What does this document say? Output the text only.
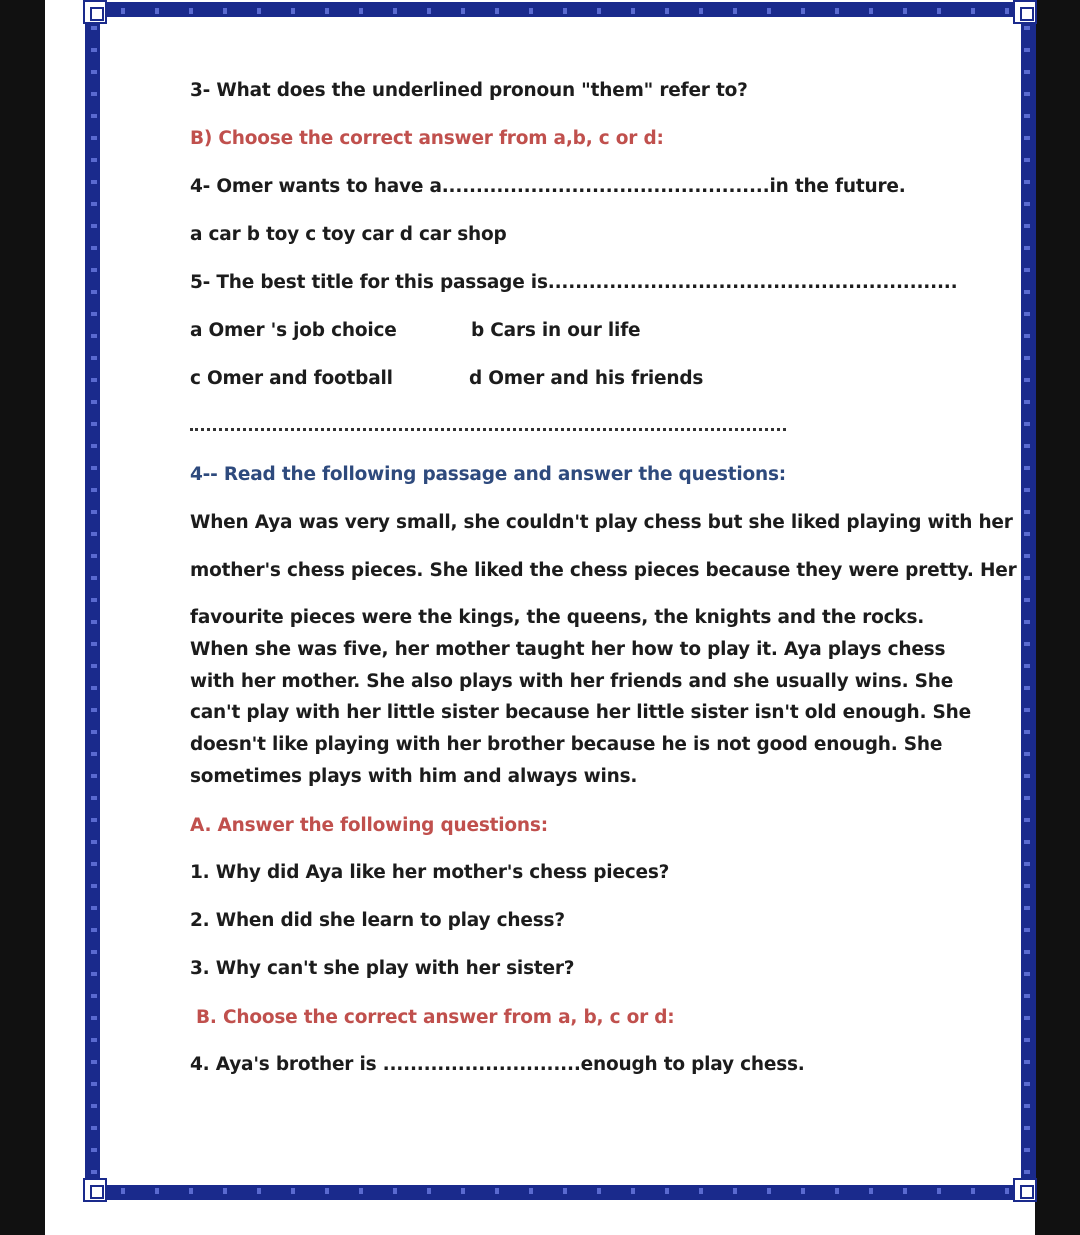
3- What does the underlined pronoun "them" refer to?
B) Choose the correct answer from a,b, c or d:
4- Omer wants to have a................................................in the future.
a car b toy c toy car d car shop
5- The best title for this passage is............................................................
a Omer 's job choice	b Cars in our life
c Omer and football	d Omer and his friends
4-- Read the following passage and answer the questions:
When Aya was very small, she couldn't play chess but she liked playing with her
mother's chess pieces. She liked the chess pieces because they were pretty. Her
favourite pieces were the kings, the queens, the knights and the rocks. When she was five, her mother taught her how to play it. Aya plays chess with her mother. She also plays with her friends and she usually wins. She can't play with her little sister because her little sister isn't old enough. She doesn't like playing with her brother because he is not good enough. She sometimes plays with him and always wins.
A. Answer the following questions:
1. Why did Aya like her mother's chess pieces?
2. When did she learn to play chess?
3. Why can't she play with her sister?
B. Choose the correct answer from a, b, c or d:
4. Aya's brother is .............................enough to play chess.
